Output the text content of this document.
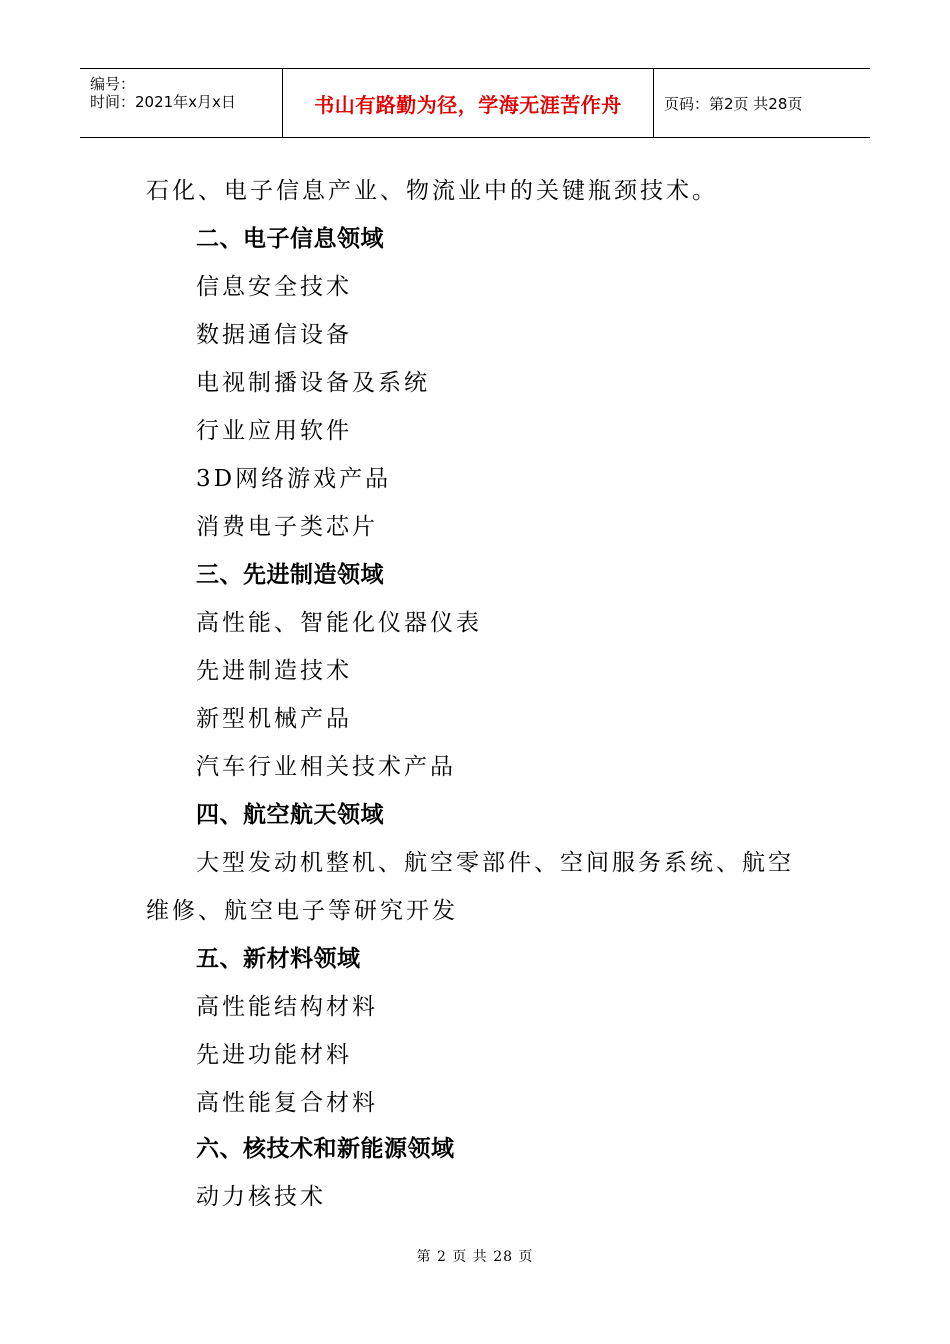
编号：
时间：2021年x月x日	书山有路勤为径，学海无涯苦作舟	页码：第2页 共28页
石化、电子信息产业、物流业中的关键瓶颈技术。
二、电子信息领域
信息安全技术
数据通信设备
电视制播设备及系统
行业应用软件
3D网络游戏产品
消费电子类芯片
三、先进制造领域
高性能、智能化仪器仪表
先进制造技术
新型机械产品
汽车行业相关技术产品
四、航空航天领域
大型发动机整机、航空零部件、空间服务系统、航空
维修、航空电子等研究开发
五、新材料领域
高性能结构材料
先进功能材料
高性能复合材料
六、核技术和新能源领域
动力核技术
第 2 页 共 28 页
